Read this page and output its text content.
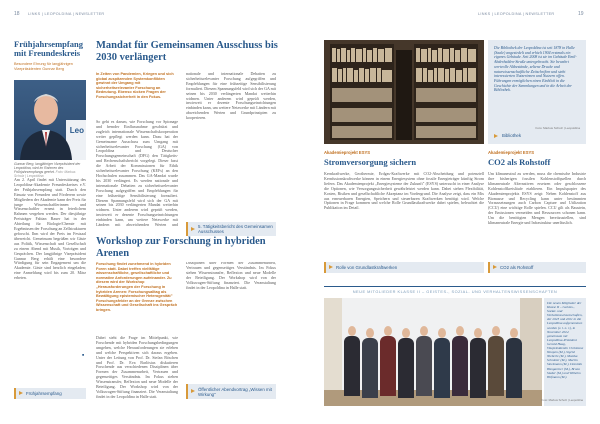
18 LINKS | LEOPOLDINA | NEWSLETTER
Frühjahrsempfang mit Freundeskreis
Besondere Ehrung für langjährigen Vizepräsidenten Gunnar Berg
Leo
Gunnar Berg, langjähriger Vizepräsident der Leopoldina, wird im Rahmen des Frühjahrsempfangs geehrt. Foto: Markus Scholz | Leopoldina

Am 2. April findet mit Unterstützung des Leopoldina-Akademie Freundeskreises e.V. der Frühjahrsempfang statt. Durch den Einsatz von Freunden und Förderern sowie Mitgliedern der Akademie kann der Preis für junge Wissenschaftlerinnen und Wissenschaftler erneut in feierlichem Rahmen vergeben werden. Der diesjährige Preisträger Fabian Bauer hat in der Abteilung für Biologie/Chemie mit Ergebnissen der Forschung an Zellstrukturen geforscht. Ihm wird der Preis im Festsaal überreicht. Gemeinsam begrüßen wir Gäste aus Politik, Wissenschaft und Gesellschaft zu einem Abend mit Musik, Vorträgen und Gesprächen. Der langjährige Vizepräsident Gunnar Berg erhält eine besondere Würdigung für sein Engagement um die Akademie. Gäste sind herzlich eingeladen; eine Anmeldung wird bis zum 20. März erbeten.

■
Frühjahrsempfang
Mandat für Gemeinsamen Ausschuss bis 2030 verlängert
In Zeiten von Pandemien, Kriegen und sich global zuspitzenden Systemkonflikten gewinnt der Umgang mit sicherheitsrelevanter Forschung an Bedeutung. Ebenso rücken Fragen der Forschungssicherheit in den Fokus.

So geht es darum, wie Forschung vor Spionage und fremder Einflussnahme geschützt und zugleich internationale Wissenschaftskooperation weiter gepflegt werden kann. Dazu hat der Gemeinsame Ausschuss zum Umgang mit sicherheitsrelevanter Forschung (GA) von Leopoldina und Deutscher Forschungsgemeinschaft (DFG) den Tätigkeits- und Rechenschaftsbericht vorgelegt. Dieser fasst die Arbeit der Kommissionen für Ethik sicherheitsrelevanter Forschung (KEFs) an den Hochschulen zusammen. Das GA-Mandat wurde bis 2030 verlängert. Es werden nationale und internationale Debatten zu sicherheitsrelevanter Forschung aufgegriffen und Empfehlungen für eine frühzeitige Sensibilisierung formuliert. Diesem Spannungsfeld wird sich der GA mit seinen bis 2030 verlängerten Mandat weiterhin widmen. Unter anderem wird geprüft werden, inwieweit er dezente Forschungseinrichtungen einbinden kann, um weitere Netzwerke mit Ländern mit abweichenden Werten und

nationale und internationale Debatten zu sicherheitsrelevanter Forschung aufgegriffen und Empfehlungen für eine frühzeitige Sensibilisierung formuliert. Diesem Spannungsfeld wird sich der GA mit seinen bis 2030 verlängerten Mandat weiterhin widmen. Unter anderem wird geprüft werden, inwieweit er dezente Forschungseinrichtungen einbinden kann, um weitere Netzwerke mit Ländern mit abweichenden Werten und Grundprinzipien zu kooperieren.

5. Tätigkeitsbericht des Gemeinsamen Ausschusses
Workshop zur Forschung in hybriden Arenen
Forschung findet zunehmend in hybriden Foren statt. Dabei treffen vielfältige wissenschaftliche, gesellschaftliche und normative Anforderungen aufeinander. Zu diesem wird der Workshop „Herausforderungen der Forschung in hybriden Arenen: Forschungsalltag als Bewältigung epistemischer Heterogenität" Forschungsfelder an der Grenze zwischen Wissenschaft und Gesellschaft ins Gespräch bringen.

Dabei steht die Frage im Mittelpunkt, wie Forschende mit hybriden Forschungsbedingungen umgehen, welche Herausforderungen sie erleben und welche Perspektiven sich daraus ergeben. Unter der Leitung von Prof. Dr. Stefan Böschen und Prof. Dr. Eva Barlösius diskutieren Forschende aus verschiedenen Disziplinen über Formen der Zusammenarbeit, Vertrauen und gegenseitiges Verständnis. Im Fokus stehen Wissenstransfer, Reflexion und neue Modelle der Beteiligung. Der Workshop wird von der Volkswagen-Stiftung finanziert. Die Veranstaltung findet in der Leopoldina in Halle statt.

Disziplinen über Formen der Zusammenarbeit, Vertrauen und gegenseitiges Verständnis. Im Fokus stehen Wissenstransfer, Reflexion und neue Modelle der Beteiligung. Der Workshop wird von der Volkswagen-Stiftung finanziert. Die Veranstaltung findet in der Leopoldina in Halle statt.

Öffentlicher Abendvortrag „Wissen mit Wirkung"
LINKS | LEOPOLDINA | NEWSLETTER	19
Die Bibliothek der Leopoldina ist seit 1878 in Halle (Saale) angesiedelt und erhielt 1904 erstmals ein eigenes Gebäude. Seit 2008 ist sie im Gebäude Emil-Abderhalden-Straße untergebracht. Sie bewahrt wertvolle Altbestände, seltene Drucke und naturwissenschaftliche Zeitschriften und steht interessierten Nutzerinnen und Nutzern offen. Führungen ermöglichen einen Einblick in die Geschichte der Sammlungen und in die Arbeit der Bibliothek.
Foto: Markus Scholz | Leopoldina
Bibliothek
Akademieprojekt ESYS
Stromversorgung sichern

Kernkraftwerke, Geothermie, Erdgas-Kraftwerke mit CO2-Abscheidung und potenziell Kernfusionskraftwerke können in einem Energiesystem ohne fossile Energieträger künftig Strom liefern. Das Akademienprojekt „Energiesysteme der Zukunft" (ESYS) untersucht in einer Analyse die Optionen, wie Versorgungssicherheit gewährleistet werden kann. Dabei stehen Flexibilität, Kosten, Risiken und gesellschaftliche Akzeptanz im Vordergrund. Die Analyse zeigt, dass ein Mix aus erneuerbaren Energien, Speichern und steuerbaren Kraftwerken benötigt wird. Welche Optionen in Frage kommen und welche Rolle Grundlastkraftwerke dabei spielen, beleuchtet die Publikation im Detail.

Rolle von Grundlastkraftwerken
Akademieprojekt ESYS
CO2 als Rohstoff

Um klimaneutral zu werden, muss die chemische Industrie ihre bisherigen fossilen Kohlenstoffquellen durch klimaneutrale Alternativen ersetzen oder geschlossene Kohlenstoffkreisläufe etablieren. Ein Impulspapier des Akademienprojekts ESYS zeigt: Neben Kohlenstoff aus Biomasse und Recycling kann unter bestimmten Voraussetzungen auch Carbon Capture and Utilization (CCU) eine wichtige Rolle spielen. CCU gilt als Baustein, der Emissionen vermeiden und Ressourcen schonen kann. Um die benötigten Mengen bereitzustellen, sind klimaneutrale Energie und Infrastruktur unerlässlich.

CO2 als Rohstoff
NEUE MITGLIEDER KLASSE II – GEISTES-, SOZIAL- UND VERHALTENSWISSENSCHAFTEN
Die neuen Mitglieder der Klasse II – Geistes-, Sozial- und Verhaltenswissenschaften, der 2023 und 2021 in die Leopoldina aufgenommen wurden (v. l. n. r.), in November 2024 gemeinsam mit Leopoldina-Präsident Gerald Haug, Vizepräsidentin Christiane Woopen (M.), Sigrid Nieberle (M.), Monika Schnitzer (M.), Martin Sieckmann (M.), Dominik Hangartner (M.), Bruno Studer (M.) und Wilhelm Hofmann (M.).
Foto: Markus Scholz | Leopoldina
